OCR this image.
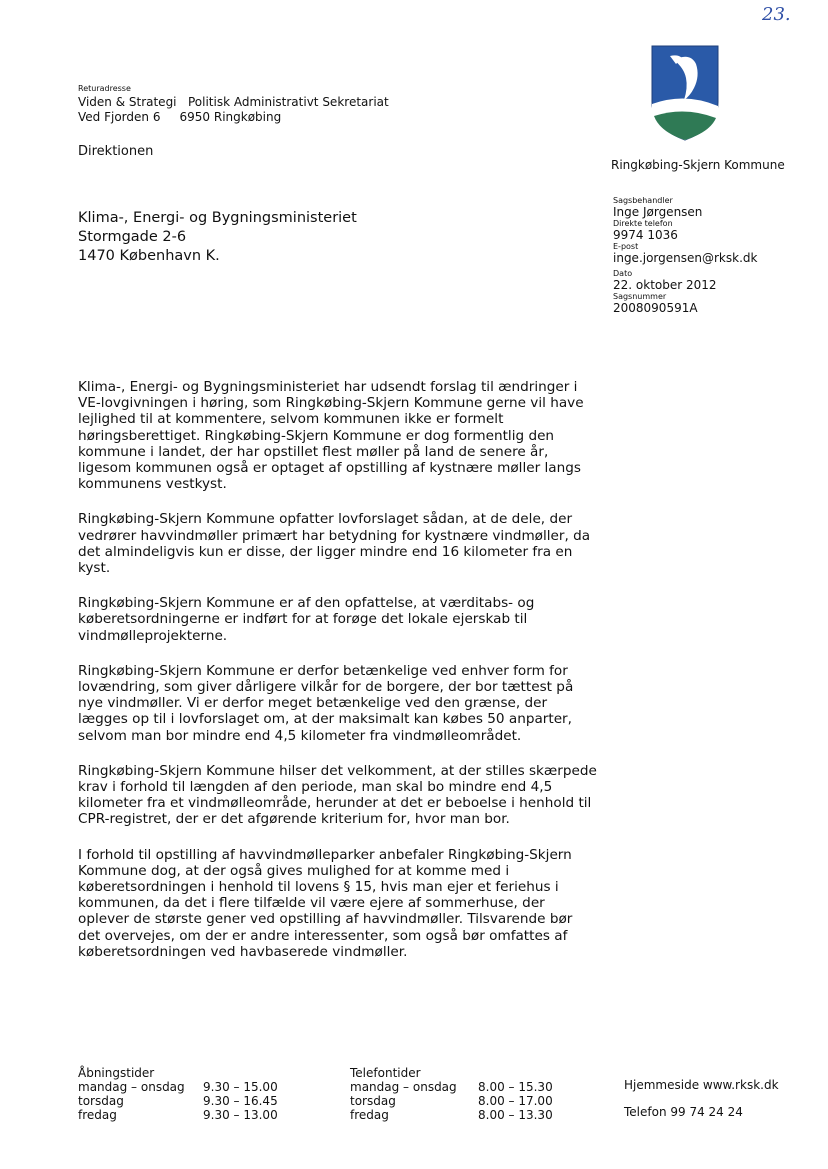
23.
Returadresse
Viden & Strategi   Politisk Administrativt Sekretariat
Ved Fjorden 6     6950 Ringkøbing
Direktionen
Klima-, Energi- og Bygningsministeriet
Stormgade 2-6
1470 København K.
Ringkøbing-Skjern Kommune
Sagsbehandler
Inge Jørgensen
Direkte telefon
9974 1036
E-post
inge.jorgensen@rksk.dk
Dato
22. oktober 2012
Sagsnummer
2008090591A

Klima-, Energi- og Bygningsministeriet har udsendt forslag til ændringer i VE-lovgivningen i høring, som Ringkøbing-Skjern Kommune gerne vil have lejlighed til at kommentere, selvom kommunen ikke er formelt høringsberettiget. Ringkøbing-Skjern Kommune er dog formentlig den kommune i landet, der har opstillet flest møller på land de senere år, ligesom kommunen også er optaget af opstilling af kystnære møller langs kommunens vestkyst.

Ringkøbing-Skjern Kommune opfatter lovforslaget sådan, at de dele, der vedrører havvindmøller primært har betydning for kystnære vindmøller, da det almindeligvis kun er disse, der ligger mindre end 16 kilometer fra en kyst.

Ringkøbing-Skjern Kommune er af den opfattelse, at værditabs- og køberetsordningerne er indført for at forøge det lokale ejerskab til vindmølleprojekterne.

Ringkøbing-Skjern Kommune er derfor betænkelige ved enhver form for lovændring, som giver dårligere vilkår for de borgere, der bor tættest på nye vindmøller. Vi er derfor meget betænkelige ved den grænse, der lægges op til i lovforslaget om, at der maksimalt kan købes 50 anparter, selvom man bor mindre end 4,5 kilometer fra vindmølleområdet.

Ringkøbing-Skjern Kommune hilser det velkomment, at der stilles skærpede krav i forhold til længden af den periode, man skal bo mindre end 4,5 kilometer fra et vindmølleområde, herunder at det er beboelse i henhold til CPR-registret, der er det afgørende kriterium for, hvor man bor.

I forhold til opstilling af havvindmølleparker anbefaler Ringkøbing-Skjern Kommune dog, at der også gives mulighed for at komme med i køberetsordningen i henhold til lovens § 15, hvis man ejer et feriehus i kommunen, da det i flere tilfælde vil være ejere af sommerhuse, der oplever de største gener ved opstilling af havvindmøller. Tilsvarende bør det overvejes, om der er andre interessenter, som også bør omfattes af køberetsordningen ved havbaserede vindmøller.

Åbningstider
mandag – onsdag	9.30 – 15.00
torsdag	9.30 – 16.45
fredag	9.30 – 13.00
Telefontider
mandag – onsdag	8.00 – 15.30
torsdag	8.00 – 17.00
fredag	8.00 – 13.30
Hjemmeside www.rksk.dk
Telefon 99 74 24 24
